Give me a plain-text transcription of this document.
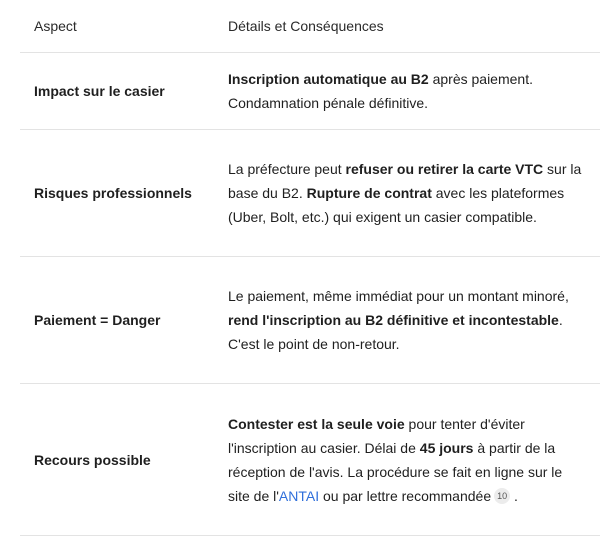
Aspect	Détails et Conséquences
Impact sur le casier
Inscription automatique au B2 après paiement. Condamnation pénale définitive.
Risques professionnels
La préfecture peut refuser ou retirer la carte VTC sur la base du B2. Rupture de contrat avec les plateformes (Uber, Bolt, etc.) qui exigent un casier compatible.
Paiement = Danger
Le paiement, même immédiat pour un montant minoré, rend l'inscription au B2 définitive et incontestable. C'est le point de non-retour.
Recours possible
Contester est la seule voie pour tenter d'éviter l'inscription au casier. Délai de 45 jours à partir de la réception de l'avis. La procédure se fait en ligne sur le site de l'ANTAI ou par lettre recommandée 10 .
